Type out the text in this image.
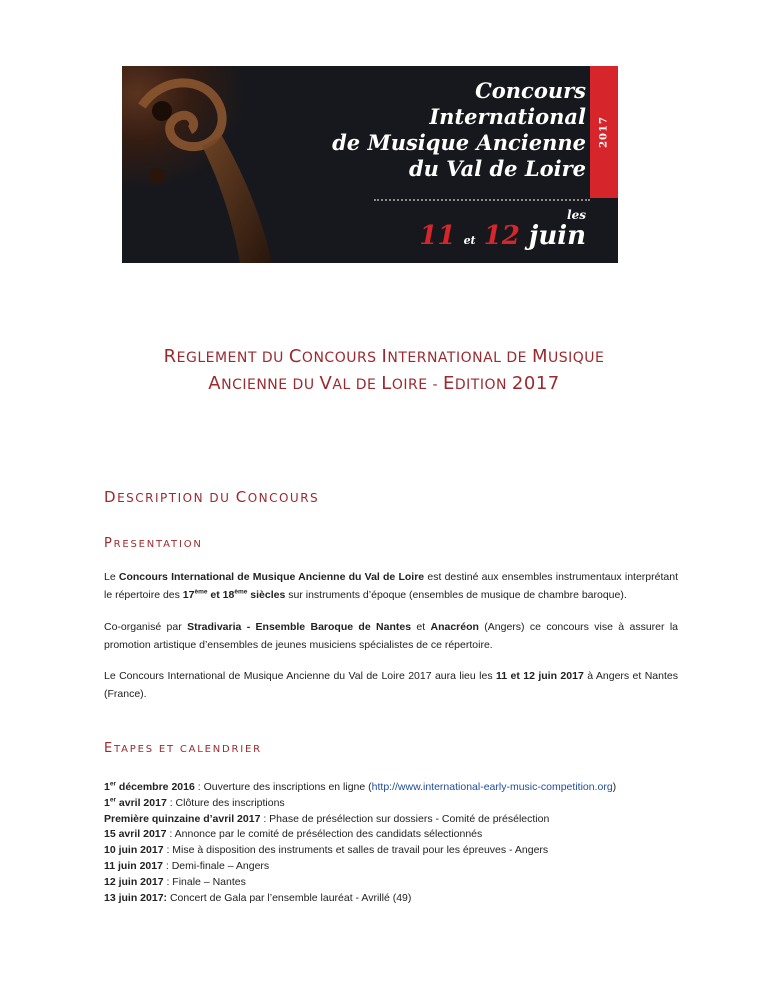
2017
Concours
International
de Musique Ancienne
du Val de Loire
les
11 et 12 juin
REGLEMENT DU CONCOURS INTERNATIONAL DE MUSIQUE
ANCIENNE DU VAL DE LOIRE - EDITION 2017
DESCRIPTION DU CONCOURS
PRESENTATION
Le Concours International de Musique Ancienne du Val de Loire est destiné aux ensembles instrumentaux interprétant le répertoire des 17ème et 18ème siècles sur instruments d’époque (ensembles de musique de chambre baroque).
Co-organisé par Stradivaria - Ensemble Baroque de Nantes et Anacréon (Angers) ce concours vise à assurer la promotion artistique d’ensembles de jeunes musiciens spécialistes de ce répertoire.
Le Concours International de Musique Ancienne du Val de Loire 2017 aura lieu les 11 et 12 juin 2017 à Angers et Nantes (France).
ETAPES ET CALENDRIER
1er décembre 2016 : Ouverture des inscriptions en ligne (http://www.international-early-music-competition.org)
1er avril 2017 : Clôture des inscriptions
Première quinzaine d’avril 2017 : Phase de présélection sur dossiers - Comité de présélection
15 avril 2017 : Annonce par le comité de présélection des candidats sélectionnés
10 juin 2017 : Mise à disposition des instruments et salles de travail pour les épreuves - Angers
11 juin 2017 : Demi-finale – Angers
12 juin 2017 : Finale – Nantes
13 juin 2017: Concert de Gala par l’ensemble lauréat - Avrillé (49)
